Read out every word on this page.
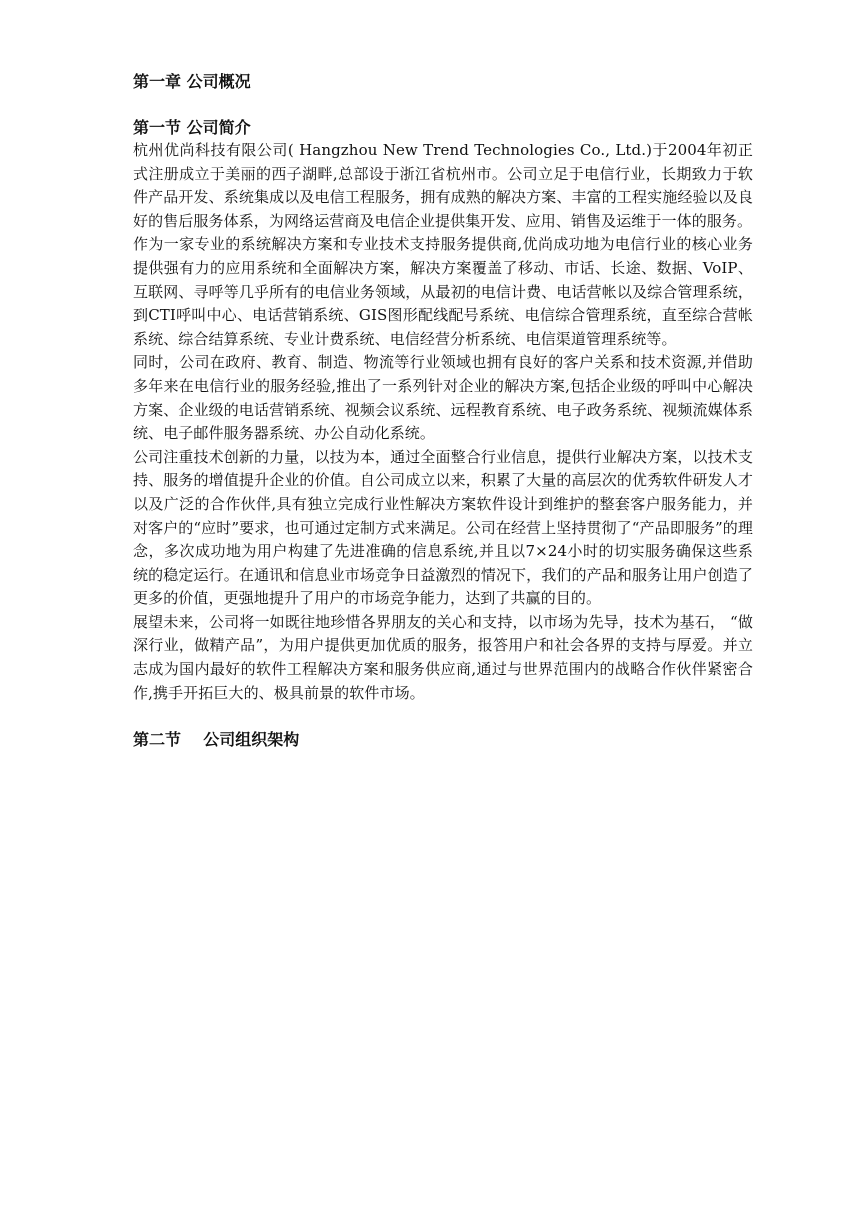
第一章 公司概况
第一节 公司简介

杭州优尚科技有限公司( Hangzhou New Trend Technologies Co., Ltd.)于2004年初正式注册成立于美丽的西子湖畔,总部设于浙江省杭州市。公司立足于电信行业，长期致力于软件产品开发、系统集成以及电信工程服务，拥有成熟的解决方案、丰富的工程实施经验以及良好的售后服务体系，为网络运营商及电信企业提供集开发、应用、销售及运维于一体的服务。

作为一家专业的系统解决方案和专业技术支持服务提供商,优尚成功地为电信行业的核心业务提供强有力的应用系统和全面解决方案，解决方案覆盖了移动、市话、长途、数据、VoIP、互联网、寻呼等几乎所有的电信业务领域，从最初的电信计费、电话营帐以及综合管理系统，到CTI呼叫中心、电话营销系统、GIS图形配线配号系统、电信综合管理系统，直至综合营帐系统、综合结算系统、专业计费系统、电信经营分析系统、电信渠道管理系统等。

同时，公司在政府、教育、制造、物流等行业领域也拥有良好的客户关系和技术资源,并借助多年来在电信行业的服务经验,推出了一系列针对企业的解决方案,包括企业级的呼叫中心解决方案、企业级的电话营销系统、视频会议系统、远程教育系统、电子政务系统、视频流媒体系统、电子邮件服务器系统、办公自动化系统。

公司注重技术创新的力量，以技为本，通过全面整合行业信息，提供行业解决方案，以技术支持、服务的增值提升企业的价值。自公司成立以来，积累了大量的高层次的优秀软件研发人才以及广泛的合作伙伴,具有独立完成行业性解决方案软件设计到维护的整套客户服务能力，并对客户的“应时”要求，也可通过定制方式来满足。公司在经营上坚持贯彻了“产品即服务”的理念，多次成功地为用户构建了先进准确的信息系统,并且以7×24小时的切实服务确保这些系统的稳定运行。在通讯和信息业市场竞争日益激烈的情况下，我们的产品和服务让用户创造了更多的价值，更强地提升了用户的市场竞争能力，达到了共赢的目的。

展望未来，公司将一如既往地珍惜各界朋友的关心和支持，以市场为先导，技术为基石， “做深行业，做精产品”，为用户提供更加优质的服务，报答用户和社会各界的支持与厚爱。并立志成为国内最好的软件工程解决方案和服务供应商,通过与世界范围内的战略合作伙伴紧密合作,携手开拓巨大的、极具前景的软件市场。

第二节    公司组织架构
